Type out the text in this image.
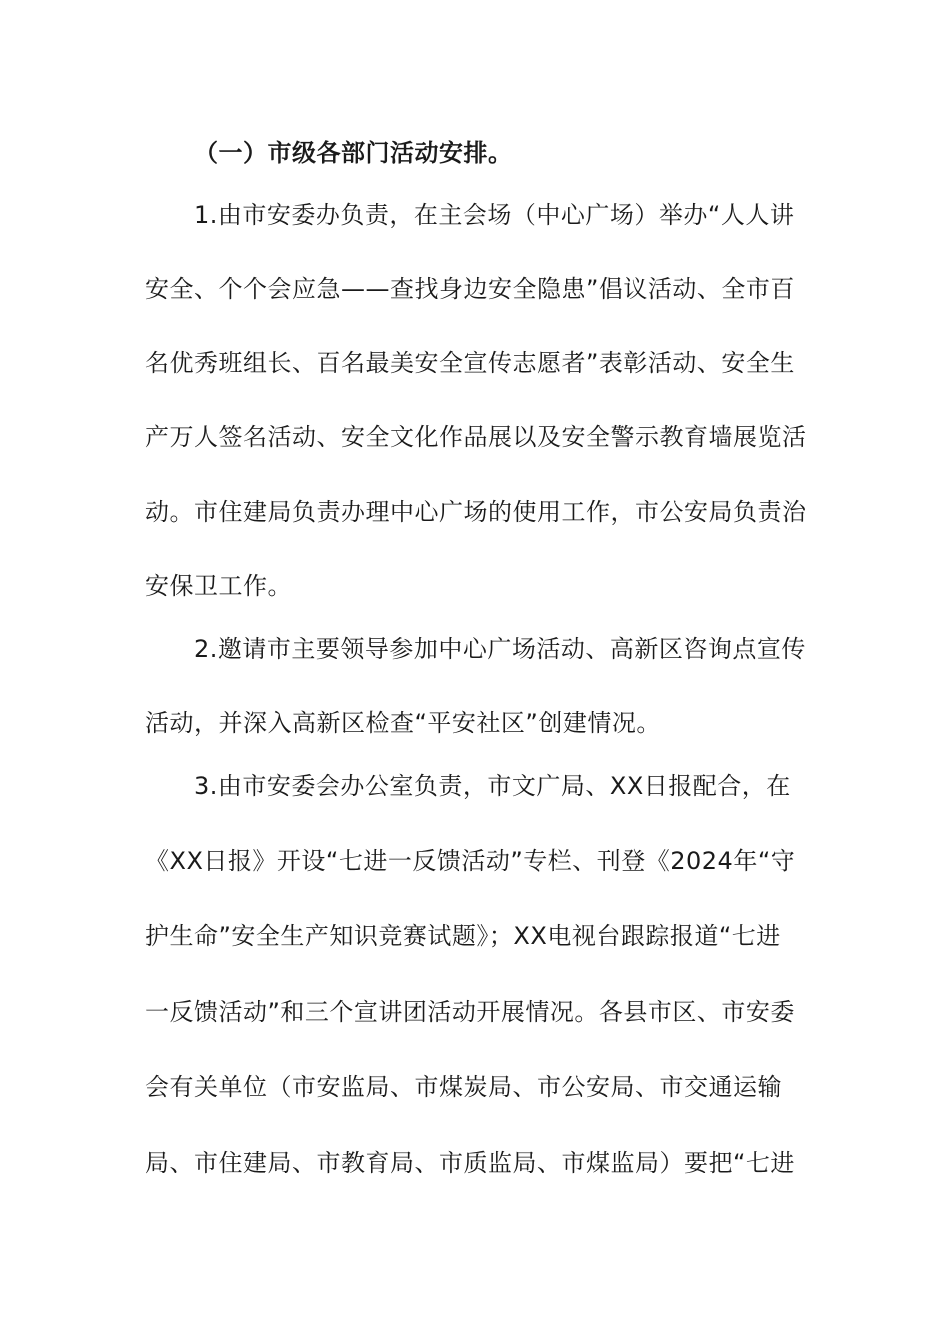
（一）市级各部门活动安排。

1.由市安委办负责，在主会场（中心广场）举办“人人讲

安全、个个会应急——查找身边安全隐患”倡议活动、全市百

名优秀班组长、百名最美安全宣传志愿者”表彰活动、安全生

产万人签名活动、安全文化作品展以及安全警示教育墙展览活

动。市住建局负责办理中心广场的使用工作，市公安局负责治

安保卫工作。

2.邀请市主要领导参加中心广场活动、高新区咨询点宣传

活动，并深入高新区检查“平安社区”创建情况。

3.由市安委会办公室负责，市文广局、XX日报配合，在

《XX日报》开设“七进一反馈活动”专栏、刊登《2024年“守

护生命”安全生产知识竞赛试题》；XX电视台跟踪报道“七进

一反馈活动”和三个宣讲团活动开展情况。各县市区、市安委

会有关单位（市安监局、市煤炭局、市公安局、市交通运输

局、市住建局、市教育局、市质监局、市煤监局）要把“七进
